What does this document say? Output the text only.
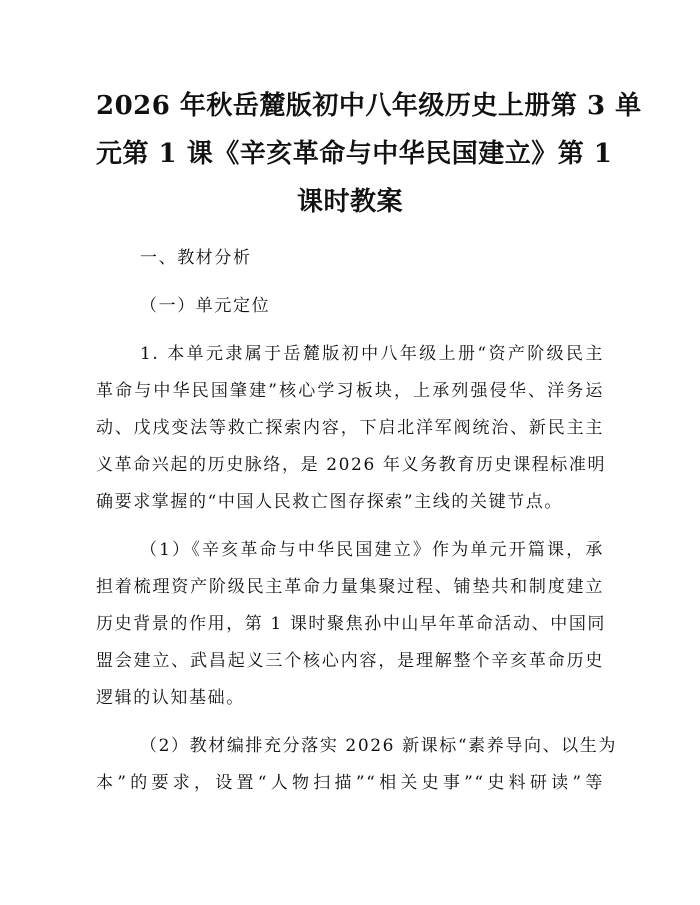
2026 年秋岳麓版初中八年级历史上册第 3 单
元第 1 课《辛亥革命与中华民国建立》第 1
课时教案
一、教材分析
（一）单元定位
1. 本单元隶属于岳麓版初中八年级上册“资产阶级民主
革命与中华民国肇建”核心学习板块，上承列强侵华、洋务运
动、戊戌变法等救亡探索内容，下启北洋军阀统治、新民主主
义革命兴起的历史脉络，是 2026 年义务教育历史课程标准明
确要求掌握的“中国人民救亡图存探索”主线的关键节点。
（1）《辛亥革命与中华民国建立》作为单元开篇课，承
担着梳理资产阶级民主革命力量集聚过程、铺垫共和制度建立
历史背景的作用，第 1 课时聚焦孙中山早年革命活动、中国同
盟会建立、武昌起义三个核心内容，是理解整个辛亥革命历史
逻辑的认知基础。
（2）教材编排充分落实 2026 新课标“素养导向、以生为
本”的要求，设置“人物扫描”“相关史事”“史料研读”等
